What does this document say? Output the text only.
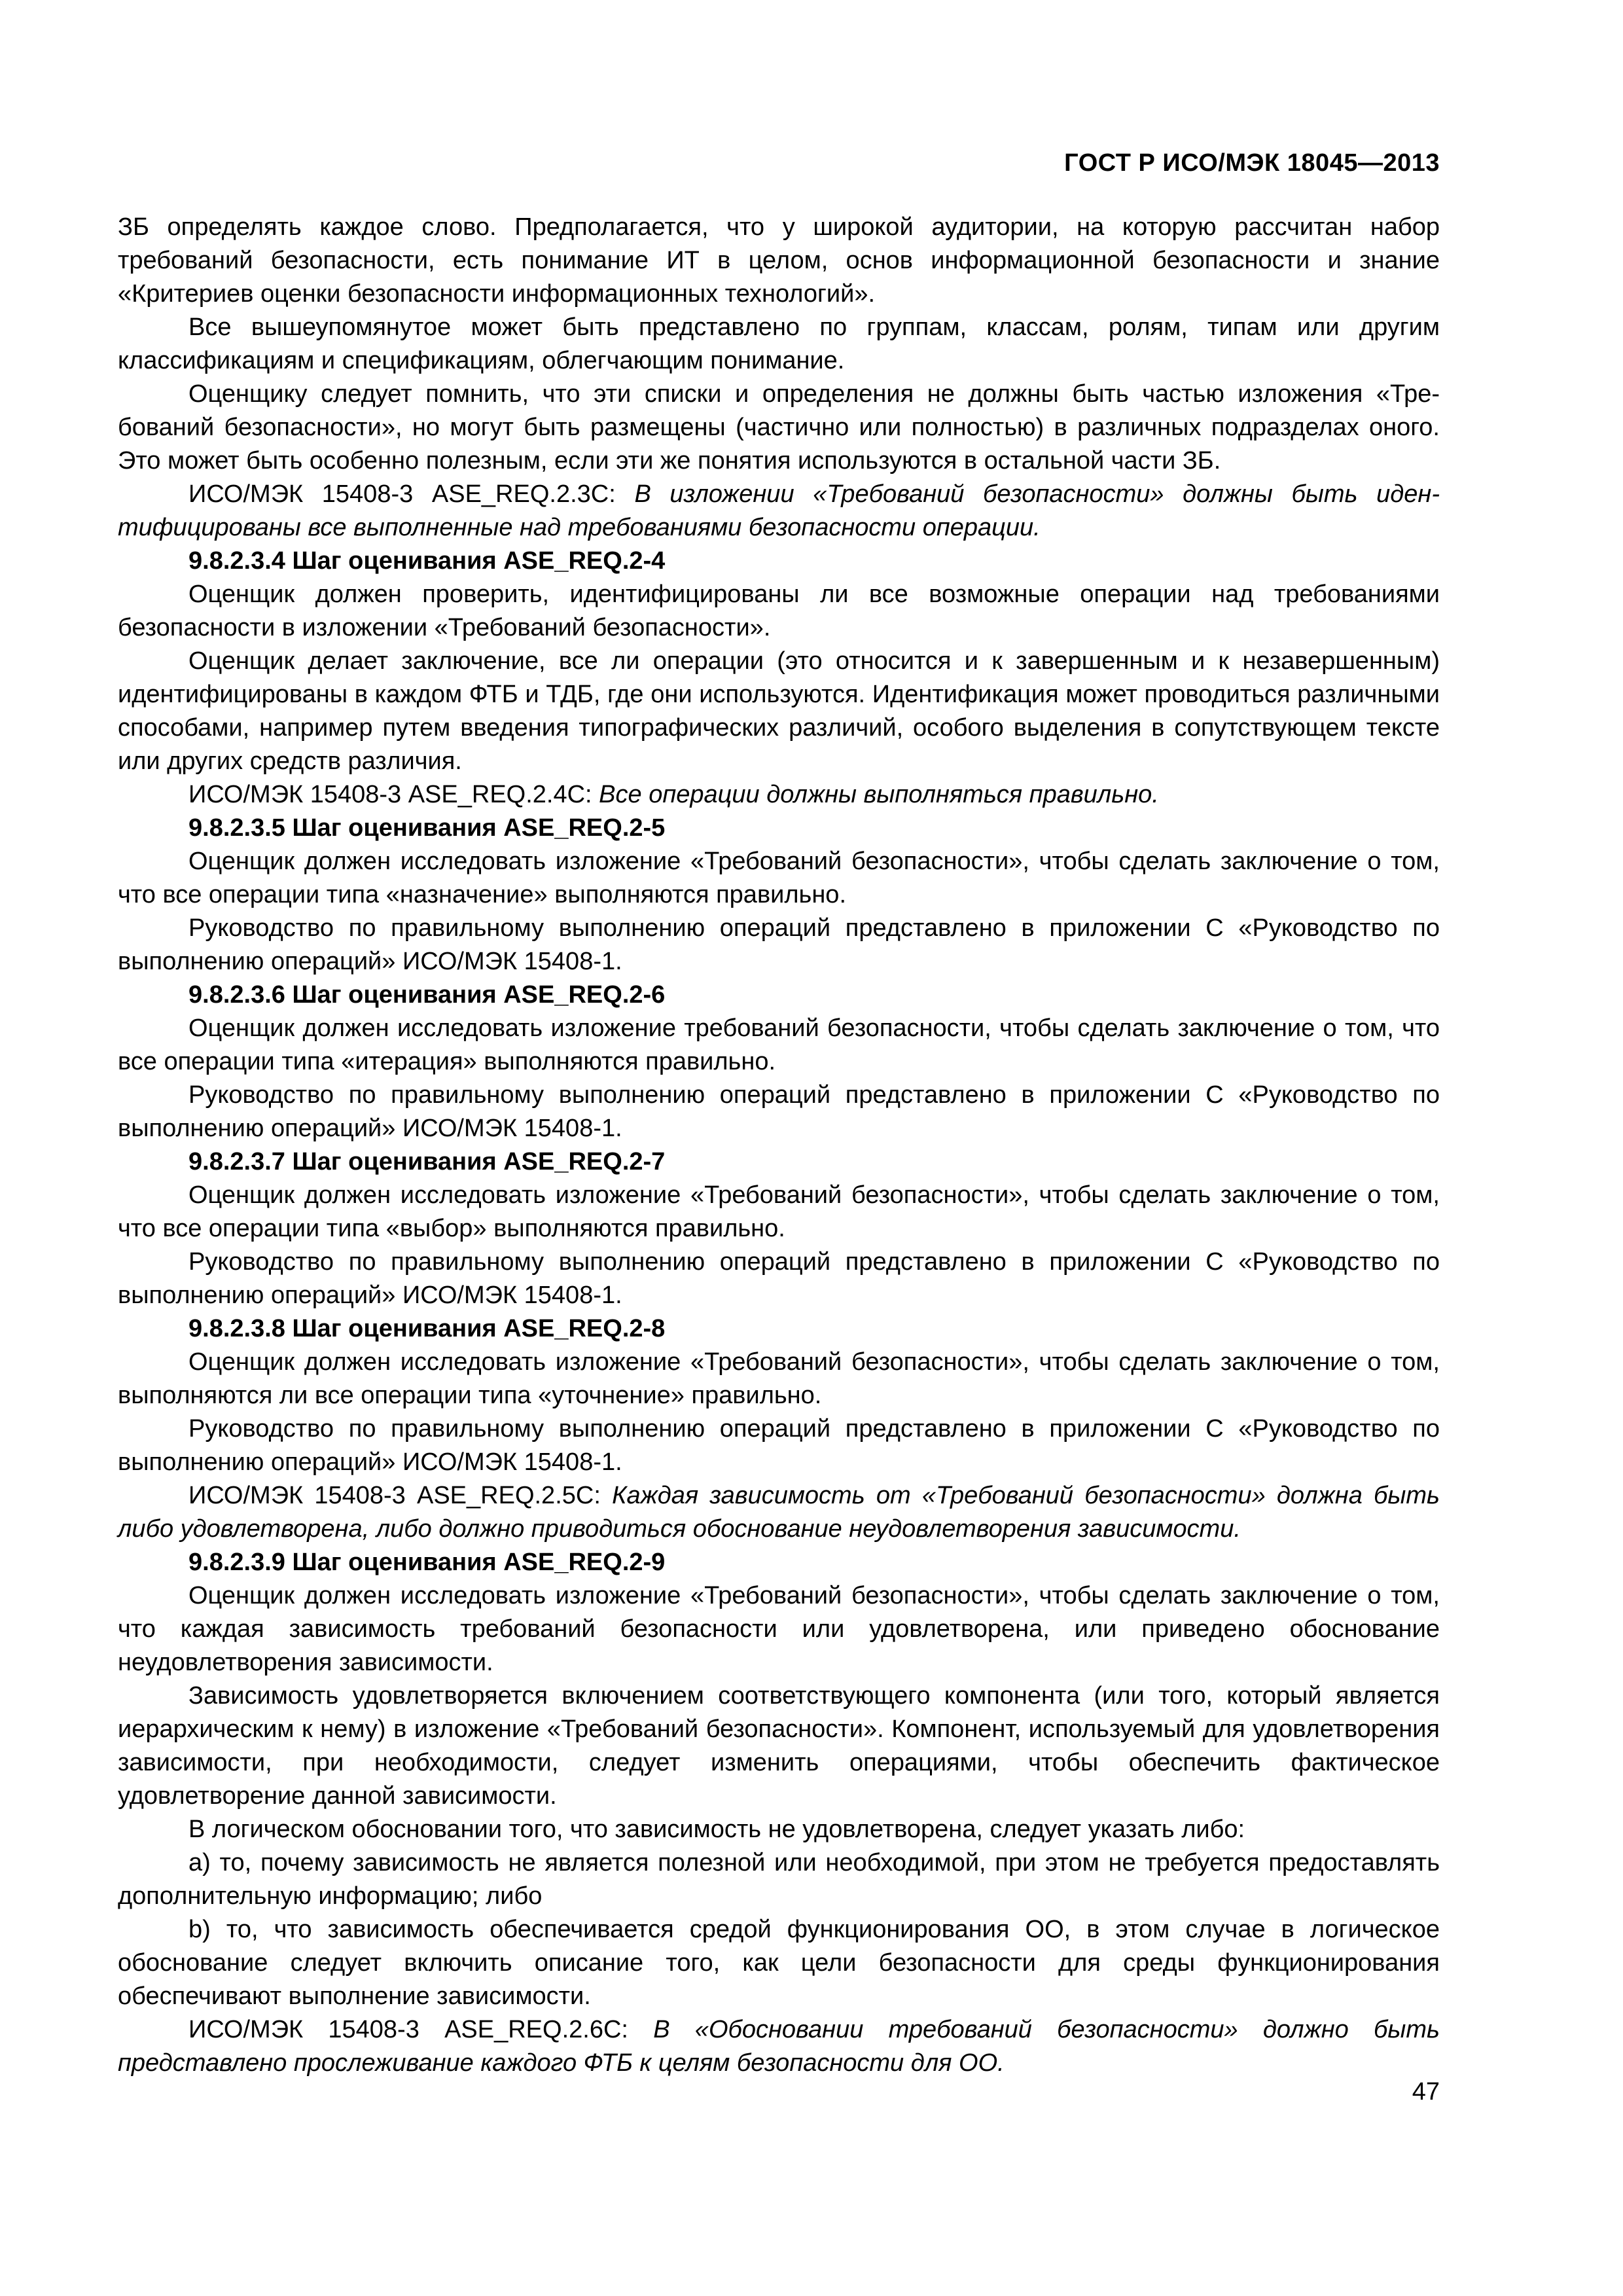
ГОСТ Р ИСО/МЭК 18045—2013

ЗБ определять каждое слово. Предполагается, что у широкой аудитории, на которую рассчитан набор требований безопасности, есть понимание ИТ в целом, основ информационной безопасности и знание «Критериев оценки безопасности информационных технологий».

Все вышеупомянутое может быть представлено по группам, классам, ролям, типам или другим классификациям и спецификациям, облегчающим понимание.

Оценщику следует помнить, что эти списки и определения не должны быть частью изложения «Требований безопасности», но могут быть размещены (частично или полностью) в различных подразделах оного. Это может быть особенно полезным, если эти же понятия используются в остальной части ЗБ.

ИСО/МЭК 15408-3 ASE_REQ.2.3С: В изложении «Требований безопасности» должны быть идентифицированы все выполненные над требованиями безопасности операции.

9.8.2.3.4 Шаг оценивания ASE_REQ.2-4

Оценщик должен проверить, идентифицированы ли все возможные операции над требованиями безопасности в изложении «Требований безопасности».

Оценщик делает заключение, все ли операции (это относится и к завершенным и к незавершенным) идентифицированы в каждом ФТБ и ТДБ, где они используются. Идентификация может проводиться различными способами, например путем введения типографических различий, особого выделения в сопутствующем тексте или других средств различия.

ИСО/МЭК 15408-3 ASE_REQ.2.4С: Все операции должны выполняться правильно.

9.8.2.3.5 Шаг оценивания ASE_REQ.2-5

Оценщик должен исследовать изложение «Требований безопасности», чтобы сделать заключение о том, что все операции типа «назначение» выполняются правильно.

Руководство по правильному выполнению операций представлено в приложении С «Руководство по выполнению операций» ИСО/МЭК 15408-1.

9.8.2.3.6 Шаг оценивания ASE_REQ.2-6

Оценщик должен исследовать изложение требований безопасности, чтобы сделать заключение о том, что все операции типа «итерация» выполняются правильно.

Руководство по правильному выполнению операций представлено в приложении С «Руководство по выполнению операций» ИСО/МЭК 15408-1.

9.8.2.3.7 Шаг оценивания ASE_REQ.2-7

Оценщик должен исследовать изложение «Требований безопасности», чтобы сделать заключение о том, что все операции типа «выбор» выполняются правильно.

Руководство по правильному выполнению операций представлено в приложении С «Руководство по выполнению операций» ИСО/МЭК 15408-1.

9.8.2.3.8 Шаг оценивания ASE_REQ.2-8

Оценщик должен исследовать изложение «Требований безопасности», чтобы сделать заключение о том, выполняются ли все операции типа «уточнение» правильно.

Руководство по правильному выполнению операций представлено в приложении С «Руководство по выполнению операций» ИСО/МЭК 15408-1.

ИСО/МЭК 15408-3 ASE_REQ.2.5С: Каждая зависимость от «Требований безопасности» должна быть либо удовлетворена, либо должно приводиться обоснование неудовлетворения зависимости.

9.8.2.3.9 Шаг оценивания ASE_REQ.2-9

Оценщик должен исследовать изложение «Требований безопасности», чтобы сделать заключение о том, что каждая зависимость требований безопасности или удовлетворена, или приведено обоснование неудовлетворения зависимости.

Зависимость удовлетворяется включением соответствующего компонента (или того, который является иерархическим к нему) в изложение «Требований безопасности». Компонент, используемый для удовлетворения зависимости, при необходимости, следует изменить операциями, чтобы обеспечить фактическое удовлетворение данной зависимости.

В логическом обосновании того, что зависимость не удовлетворена, следует указать либо:

a) то, почему зависимость не является полезной или необходимой, при этом не требуется предоставлять дополнительную информацию; либо

b) то, что зависимость обеспечивается средой функционирования ОО, в этом случае в логическое обоснование следует включить описание того, как цели безопасности для среды функционирования обеспечивают выполнение зависимости.

ИСО/МЭК 15408-3 ASE_REQ.2.6С: В «Обосновании требований безопасности» должно быть представлено прослеживание каждого ФТБ к целям безопасности для ОО.

47
